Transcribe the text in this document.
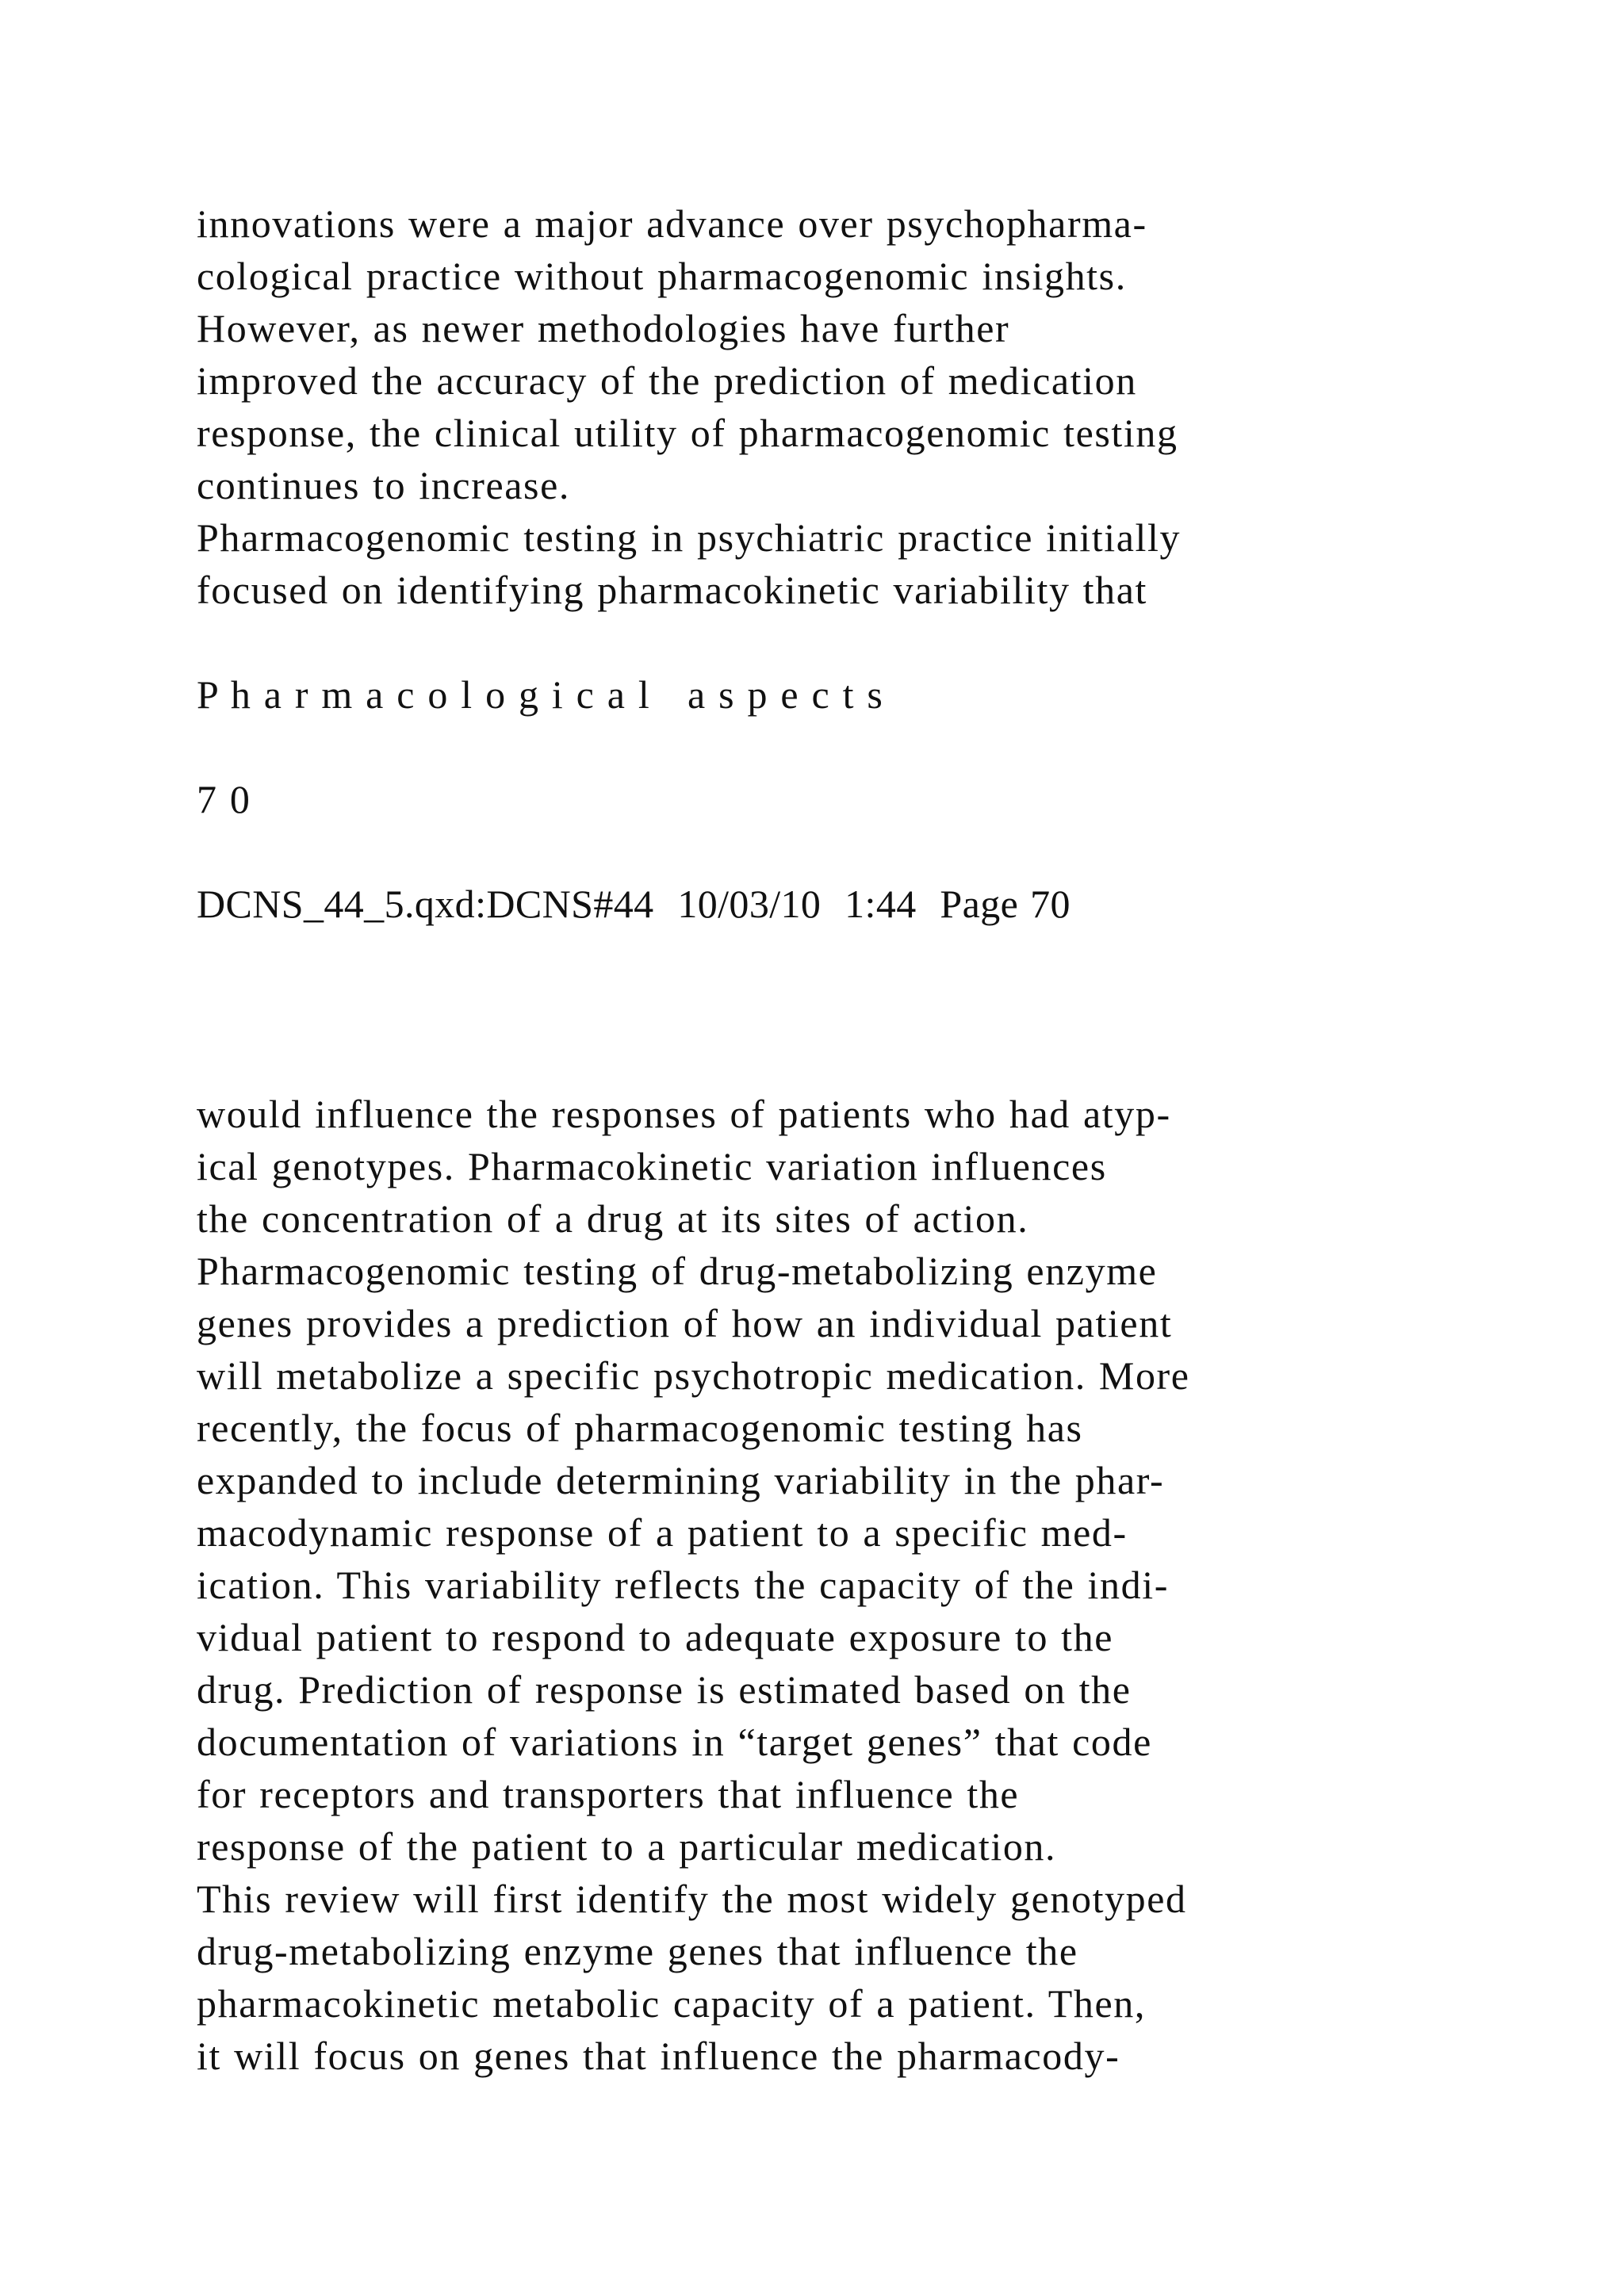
innovations were a major advance over psychopharma-
cological practice without pharmacogenomic insights.
However, as newer methodologies have further
improved the accuracy of the prediction of medication
response, the clinical utility of pharmacogenomic testing
continues to increase.
Pharmacogenomic testing in psychiatric practice initially
focused on identifying pharmacokinetic variability that
P h a r m a c o l o g i c a l   a s p e c t s
7 0
DCNS_44_5.qxd:DCNS#44  10/03/10  1:44  Page 70
would influence the responses of patients who had atyp-
ical genotypes. Pharmacokinetic variation influences
the concentration of a drug at its sites of action.
Pharmacogenomic testing of drug-metabolizing enzyme
genes provides a prediction of how an individual patient
will metabolize a specific psychotropic medication. More
recently, the focus of pharmacogenomic testing has
expanded to include determining variability in the phar-
macodynamic response of a patient to a specific med-
ication. This variability reflects the capacity of the indi-
vidual patient to respond to adequate exposure to the
drug. Prediction of response is estimated based on the
documentation of variations in “target genes” that code
for receptors and transporters that influence the
response of the patient to a particular medication.
This review will first identify the most widely genotyped
drug-metabolizing enzyme genes that influence the
pharmacokinetic metabolic capacity of a patient. Then,
it will focus on genes that influence the pharmacody-
